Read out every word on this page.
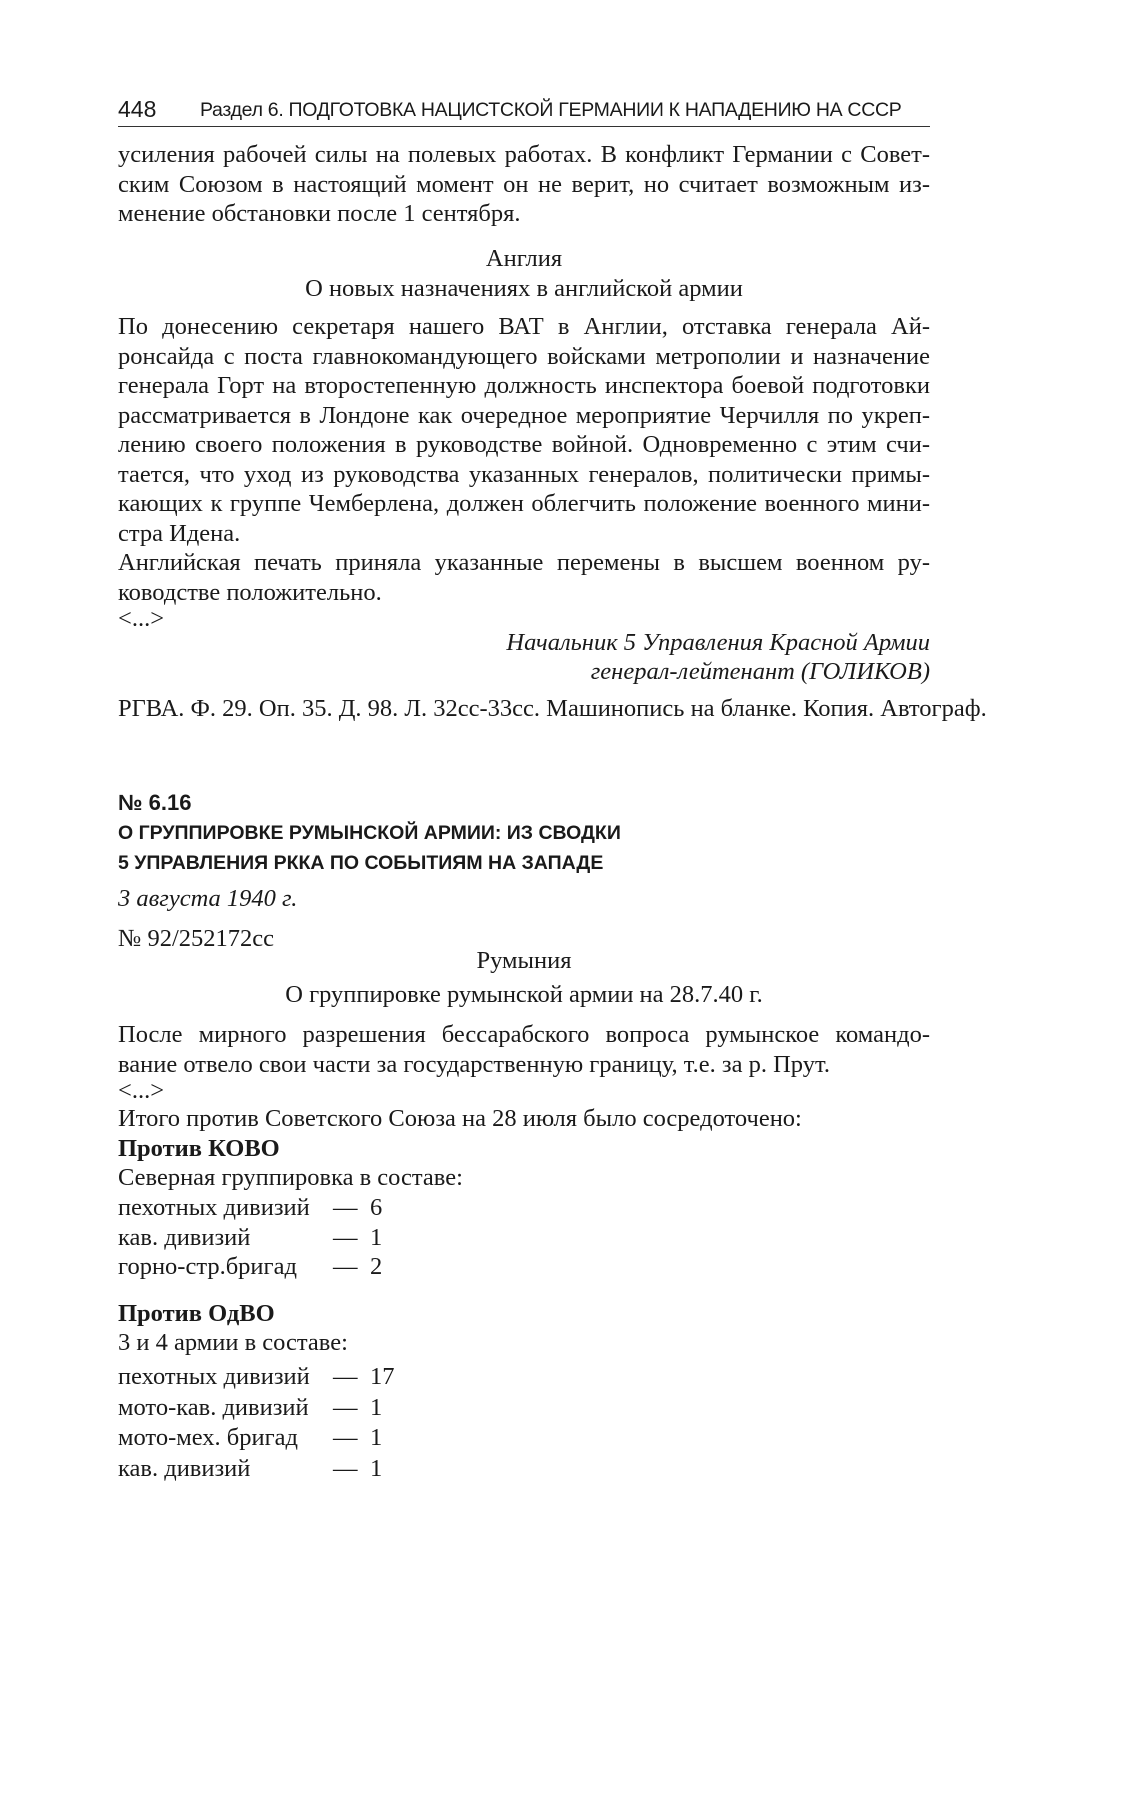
448 Раздел 6. ПОДГОТОВКА НАЦИСТСКОЙ ГЕРМАНИИ К НАПАДЕНИЮ НА СССР
усиления рабочей силы на полевых работах. В конфликт Германии с Совет-
ским Союзом в настоящий момент он не верит, но считает возможным из-
менение обстановки после 1 сентября.
Англия
О новых назначениях в английской армии
По донесению секретаря нашего ВАТ в Англии, отставка генерала Ай-
ронсайда с поста главнокомандующего войсками метрополии и назначение
генерала Горт на второстепенную должность инспектора боевой подготовки
рассматривается в Лондоне как очередное мероприятие Черчилля по укреп-
лению своего положения в руководстве войной. Одновременно с этим счи-
тается, что уход из руководства указанных генералов, политически примы-
кающих к группе Чемберлена, должен облегчить положение военного мини-
стра Идена.
Английская печать приняла указанные перемены в высшем военном ру-
ководстве положительно.
<...>
Начальник 5 Управления Красной Армии
генерал-лейтенант (ГОЛИКОВ)
РГВА. Ф. 29. Оп. 35. Д. 98. Л. 32сс-33сс. Машинопись на бланке. Копия. Автограф.
№ 6.16
О ГРУППИРОВКЕ РУМЫНСКОЙ АРМИИ: ИЗ СВОДКИ
5 УПРАВЛЕНИЯ РККА ПО СОБЫТИЯМ НА ЗАПАДЕ
3 августа 1940 г.
№ 92/252172сс
Румыния
О группировке румынской армии на 28.7.40 г.
После мирного разрешения бессарабского вопроса румынское командо-
вание отвело свои части за государственную границу, т.е. за р. Прут.
<...>
Итого против Советского Союза на 28 июля было сосредоточено:
Против КОВО
Северная группировка в составе:
пехотных дивизий — 6
кав. дивизий	— 1
горно-стр.бригад — 2
Против ОдВО
3 и 4 армии в составе:
пехотных дивизий — 17
мото-кав. дивизий — 1
мото-мех. бригад — 1
кав. дивизий	— 1
